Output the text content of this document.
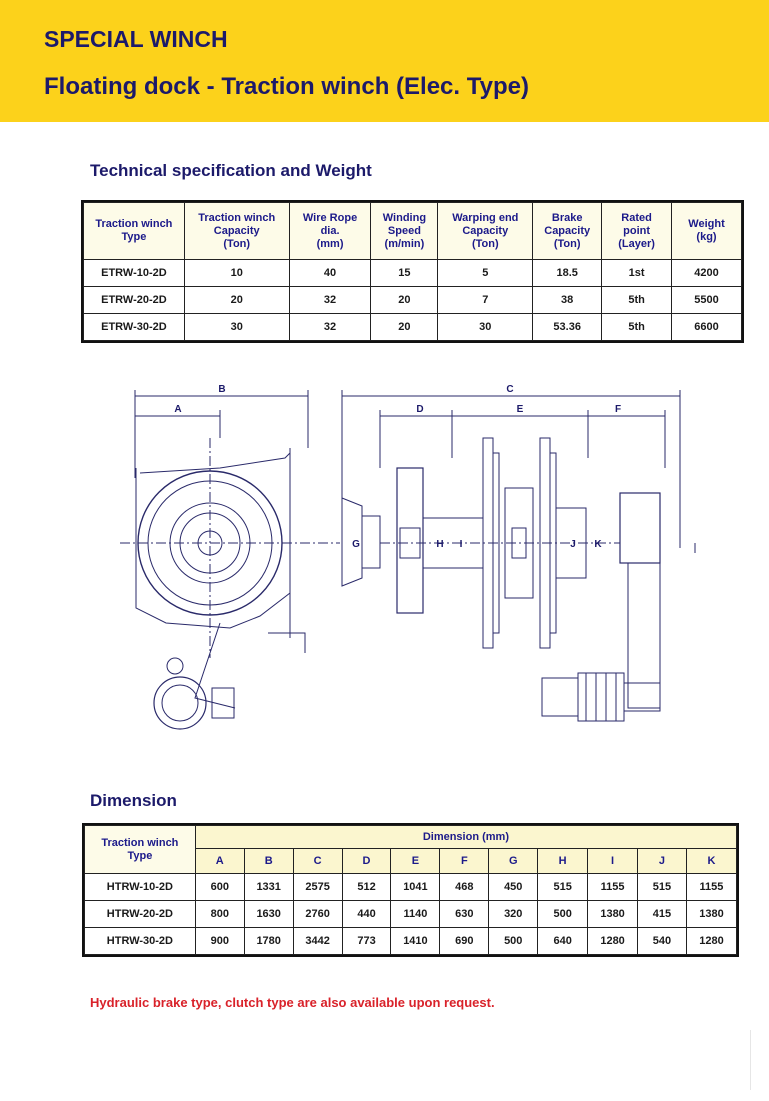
SPECIAL WINCH
Floating dock - Traction winch (Elec. Type)
Technical specification and Weight
Traction winch
Type	Traction winch
Capacity
(Ton)	Wire Rope
dia.
(mm)	Winding
Speed
(m/min)	Warping end
Capacity
(Ton)	Brake
Capacity
(Ton)	Rated
point
(Layer)	Weight
(kg)
ETRW-10-2D	10	40	15	5	18.5	1st	4200
ETRW-20-2D	20	32	20	7	38	5th	5500
ETRW-30-2D	30	32	20	30	53.36	5th	6600
B
A
C
D	E	F
G	H I	J K
Dimension
Traction winch
Type	Dimension (mm)										
	A	B	C	D	E	F	G	H	I	J	K
HTRW-10-2D	600	1331	2575	512	1041	468	450	515	1155	515	1155
HTRW-20-2D	800	1630	2760	440	1140	630	320	500	1380	415	1380
HTRW-30-2D	900	1780	3442	773	1410	690	500	640	1280	540	1280
Hydraulic brake type, clutch type are also available upon request.
